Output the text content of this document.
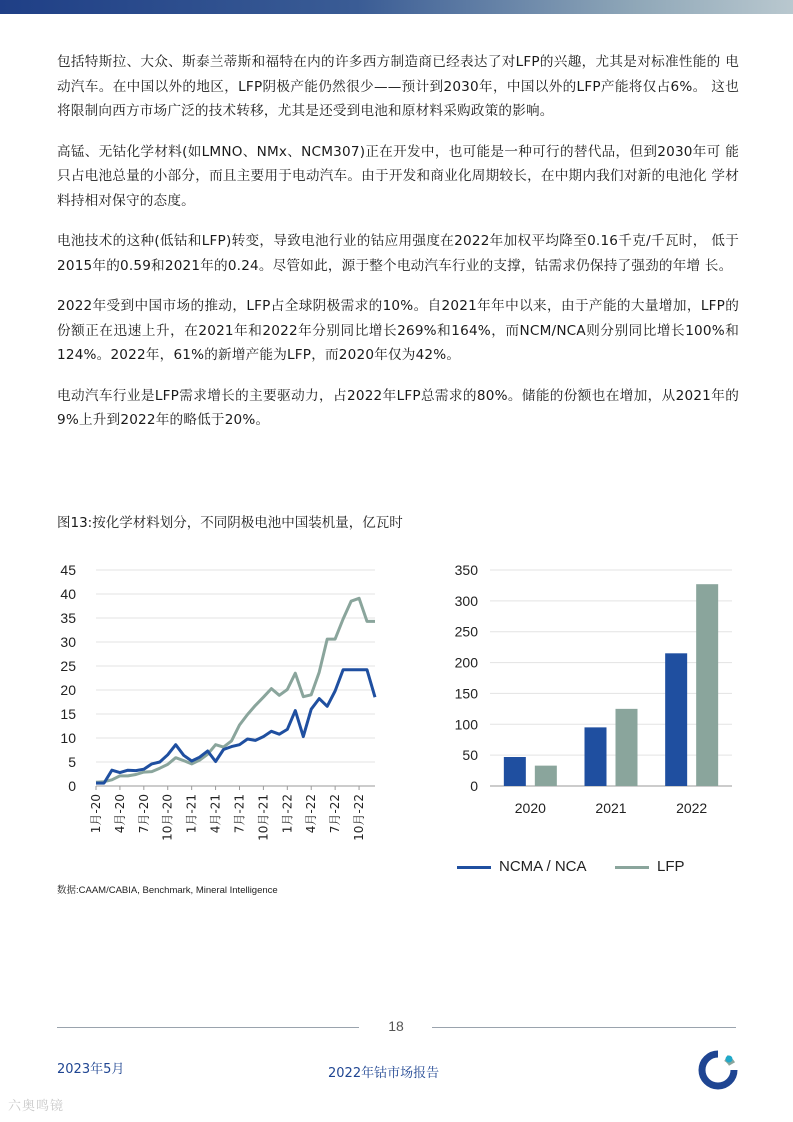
包括特斯拉、大众、斯泰兰蒂斯和福特在内的许多西方制造商已经表达了对LFP的兴趣，尤其是对标准性能的 电动汽车。在中国以外的地区，LFP阴极产能仍然很少——预计到2030年，中国以外的LFP产能将仅占6%。 这也将限制向西方市场广泛的技术转移，尤其是还受到电池和原材料采购政策的影响。

高锰、无钴化学材料(如LMNO、NMx、NCM307)正在开发中，也可能是一种可行的替代品，但到2030年可 能只占电池总量的小部分，而且主要用于电动汽车。由于开发和商业化周期较长，在中期内我们对新的电池化 学材料持相对保守的态度。

电池技术的这种(低钴和LFP)转变，导致电池行业的钴应用强度在2022年加权平均降至0.16千克/千瓦时， 低于2015年的0.59和2021年的0.24。尽管如此，源于整个电动汽车行业的支撑，钴需求仍保持了强劲的年增 长。

2022年受到中国市场的推动，LFP占全球阴极需求的10%。自2021年年中以来，由于产能的大量增加，LFP的 份额正在迅速上升，在2021年和2022年分别同比增长269%和164%，而NCM/NCA则分别同比增长100%和 124%。2022年，61%的新增产能为LFP，而2020年仅为42%。

电动汽车行业是LFP需求增长的主要驱动力，占2022年LFP总需求的80%。储能的份额也在增加，从2021年的 9%上升到2022年的略低于20%。

图13:按化学材料划分，不同阴极电池中国装机量，亿瓦时
0
5
10
15
20
25
30
35
40
45
1月-20 4月-20 7月-20 10月-20 1月-21 4月-21 7月-21 10月-21 1月-22 4月-22 7月-22 10月-22
0
50
100
150
200
250
300
350
2020	2021	2022
NCMA / NCA	LFP
数据:CAAM/CABIA, Benchmark, Mineral Intelligence
18
2023年5月	2022年钴市场报告
六奥鸣镜
